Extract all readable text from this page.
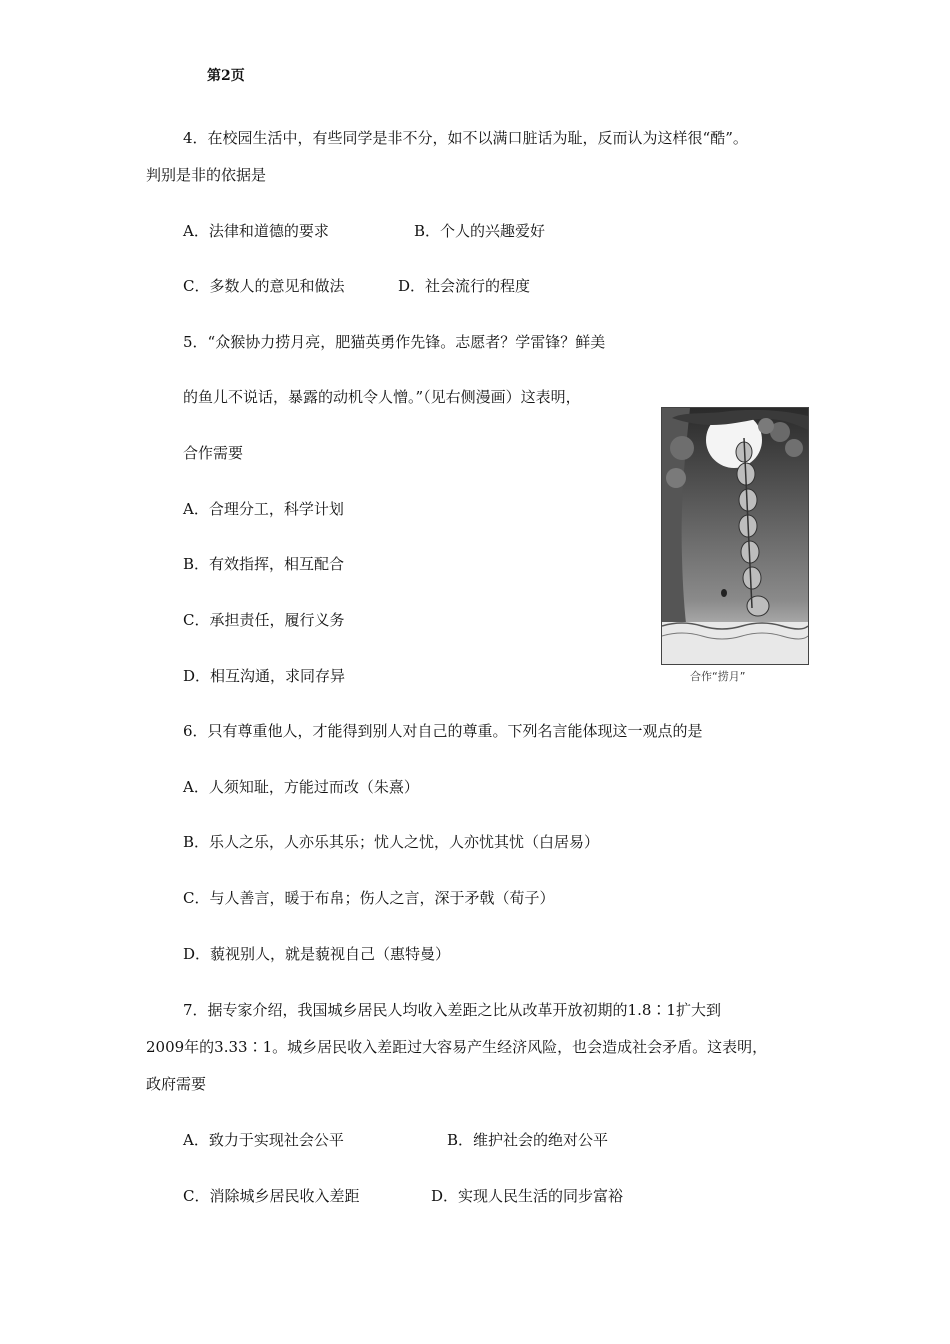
第2页
4．在校园生活中，有些同学是非不分，如不以满口脏话为耻，反而认为这样很“酷”。
判别是非的依据是
A．法律和道德的要求	B．个人的兴趣爱好
C．多数人的意见和做法	D．社会流行的程度
5．“众猴协力捞月亮，肥猫英勇作先锋。志愿者？学雷锋？鲜美
的鱼儿不说话，暴露的动机令人憎。”（见右侧漫画）这表明，
合作需要
A．合理分工，科学计划
B．有效指挥，相互配合
C．承担责任，履行义务
D．相互沟通，求同存异	合作“捞月”
6．只有尊重他人，才能得到别人对自己的尊重。下列名言能体现这一观点的是
A．人须知耻，方能过而改（朱熹）
B．乐人之乐，人亦乐其乐；忧人之忧，人亦忧其忧（白居易）
C．与人善言，暖于布帛；伤人之言，深于矛戟（荀子）
D．藐视别人，就是藐视自己（惠特曼）
7．据专家介绍，我国城乡居民人均收入差距之比从改革开放初期的1.8∶1扩大到
2009年的3.33∶1。城乡居民收入差距过大容易产生经济风险，也会造成社会矛盾。这表明，
政府需要
A．致力于实现社会公平	B．维护社会的绝对公平
C．消除城乡居民收入差距	D．实现人民生活的同步富裕
